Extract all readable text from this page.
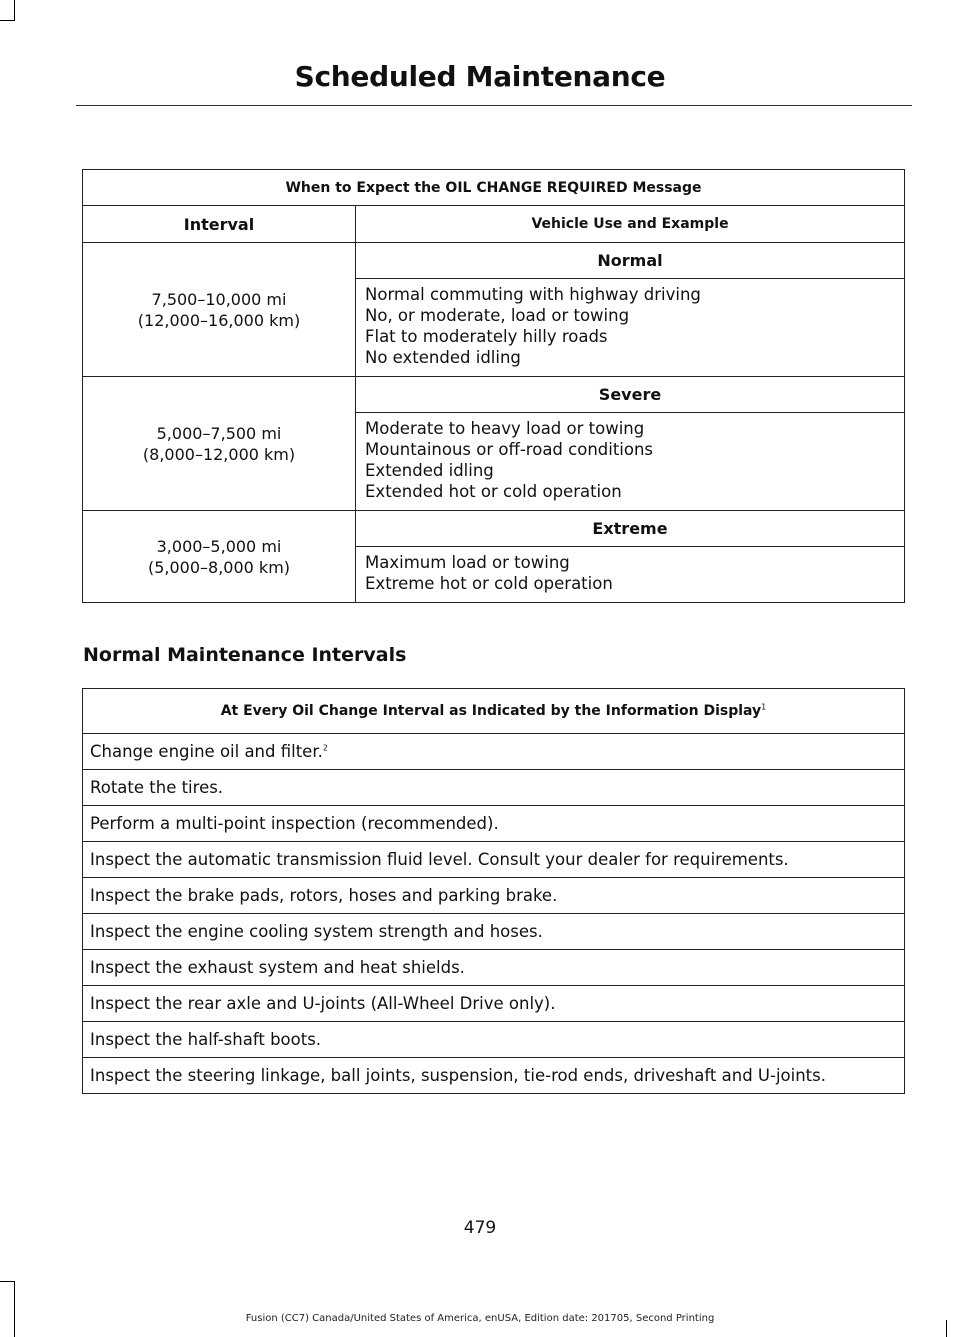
Scheduled Maintenance
When to Expect the OIL CHANGE REQUIRED Message	
Interval	Vehicle Use and Example

7,500–10,000 mi
(12,000–16,000 km)	Normal

	Normal commuting with highway driving
No, or moderate, load or towing
Flat to moderately hilly roads
No extended idling

5,000–7,500 mi
(8,000–12,000 km)	Severe

	Moderate to heavy load or towing
Mountainous or off-road conditions
Extended idling
Extended hot or cold operation

3,000–5,000 mi
(5,000–8,000 km)	Extreme

	Maximum load or towing
Extreme hot or cold operation
Normal Maintenance Intervals
At Every Oil Change Interval as Indicated by the Information Display$^1$
Change engine oil and filter.$^2$
Rotate the tires.
Perform a multi-point inspection (recommended).
Inspect the automatic transmission fluid level. Consult your dealer for requirements.
Inspect the brake pads, rotors, hoses and parking brake.
Inspect the engine cooling system strength and hoses.
Inspect the exhaust system and heat shields.
Inspect the rear axle and U-joints (All-Wheel Drive only).
Inspect the half-shaft boots.
Inspect the steering linkage, ball joints, suspension, tie-rod ends, driveshaft and U-joints.
479
Fusion (CC7) Canada/United States of America, enUSA, Edition date: 201705, Second Printing
